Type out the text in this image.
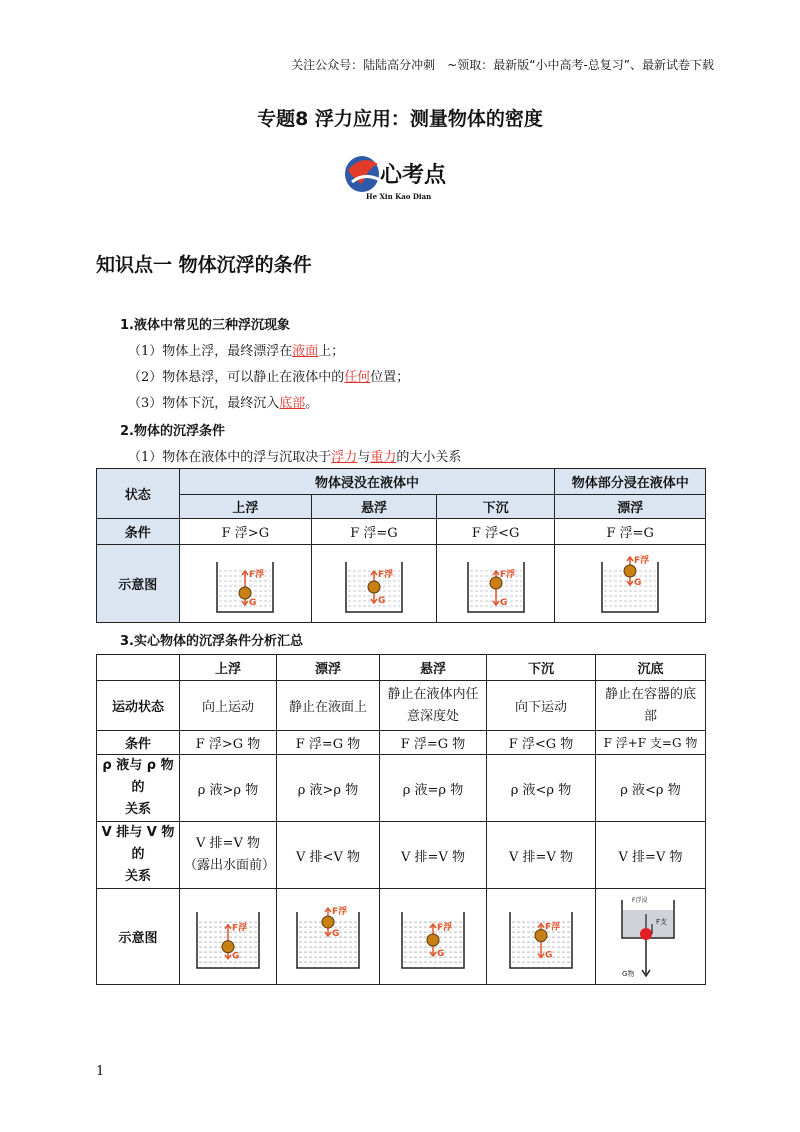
关注公众号：陆陆高分冲刺　~领取：最新版“小中高考-总复习”、最新试卷下载
专题8 浮力应用：测量物体的密度
心考点
He Xin Kao Dian
知识点一 物体沉浮的条件
1.液体中常见的三种浮沉现象
（1）物体上浮，最终漂浮在液面上；
（2）物体悬浮，可以静止在液体中的任何位置；
（3）物体下沉，最终沉入底部。
2.物体的沉浮条件
（1）物体在液体中的浮与沉取决于浮力与重力的大小关系
状态	物体浸没在液体中			物体部分浸在液体中
	上浮	悬浮	下沉	漂浮
条件	F 浮>G	F 浮=G	F 浮<G	F 浮=G
示意图	F浮
G	F浮
G	F浮
G	F浮
G
3.实心物体的沉浮条件分析汇总
	上浮	漂浮	悬浮	下沉	沉底
运动状态	向上运动	静止在液面上	静止在液体内任意深度处	向下运动	静止在容器的底部
条件	F 浮>G 物	F 浮=G 物	F 浮=G 物	F 浮<G 物	F 浮+F 支=G 物
ρ 液与 ρ 物的
关系	ρ 液>ρ 物	ρ 液>ρ 物	ρ 液=ρ 物	ρ 液<ρ 物	ρ 液<ρ 物
V 排与 V 物的
关系	V 排=V 物（露出水面前）	V 排<V 物	V 排=V 物	V 排=V 物	V 排=V 物
示意图	F浮
G	F浮
G	F浮
G	F浮
G	F浮浸
F支
G物
1
